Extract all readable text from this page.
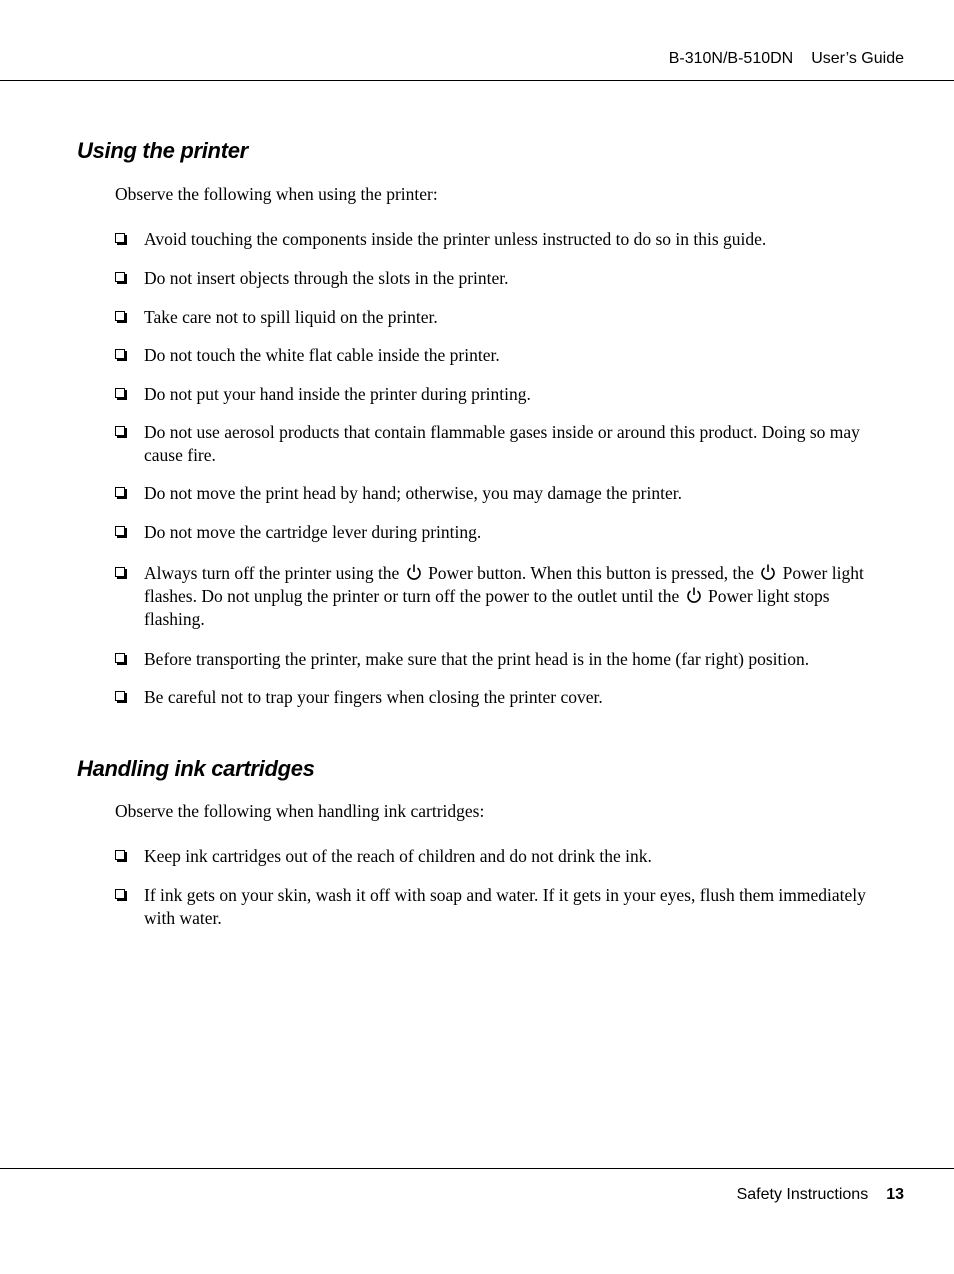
B-310N/B-510DN User’s Guide
Using the printer

Observe the following when using the printer:

Avoid touching the components inside the printer unless instructed to do so in this guide.
Do not insert objects through the slots in the printer.
Take care not to spill liquid on the printer.
Do not touch the white flat cable inside the printer.
Do not put your hand inside the printer during printing.
Do not use aerosol products that contain flammable gases inside or around this product. Doing so may cause fire.
Do not move the print head by hand; otherwise, you may damage the printer.
Do not move the cartridge lever during printing.
Always turn off the printer using the Power button. When this button is pressed, the Power light flashes. Do not unplug the printer or turn off the power to the outlet until the Power light stops flashing.
Before transporting the printer, make sure that the print head is in the home (far right) position.
Be careful not to trap your fingers when closing the printer cover.
Handling ink cartridges

Observe the following when handling ink cartridges:

Keep ink cartridges out of the reach of children and do not drink the ink.
If ink gets on your skin, wash it off with soap and water. If it gets in your eyes, flush them immediately with water.
Safety Instructions 13
